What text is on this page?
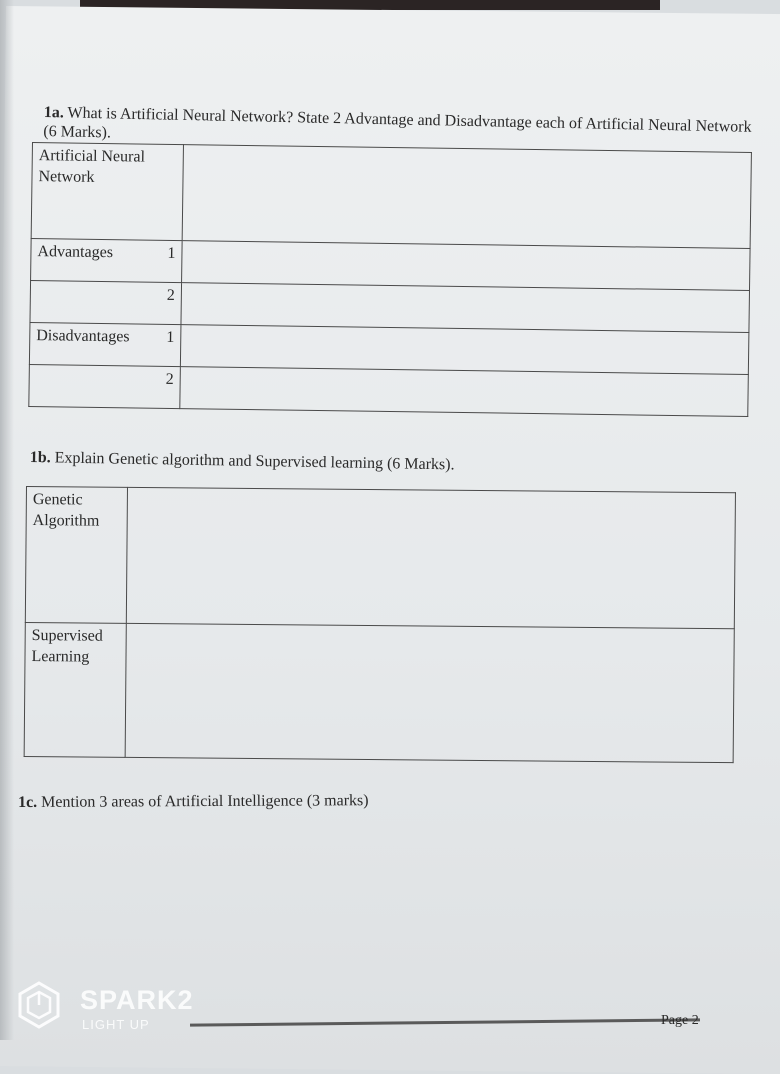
1a. What is Artificial Neural Network? State 2 Advantage and Disadvantage each of Artificial Neural Network (6 Marks).
Artificial Neural Network	

Advantages 1	

2	

Disadvantages 1	

2	

1b. Explain Genetic algorithm and Supervised learning (6 Marks).
Genetic Algorithm	
Supervised Learning	
1c. Mention 3 areas of Artificial Intelligence (3 marks)
Page 2
SPARK2
LIGHT UP
